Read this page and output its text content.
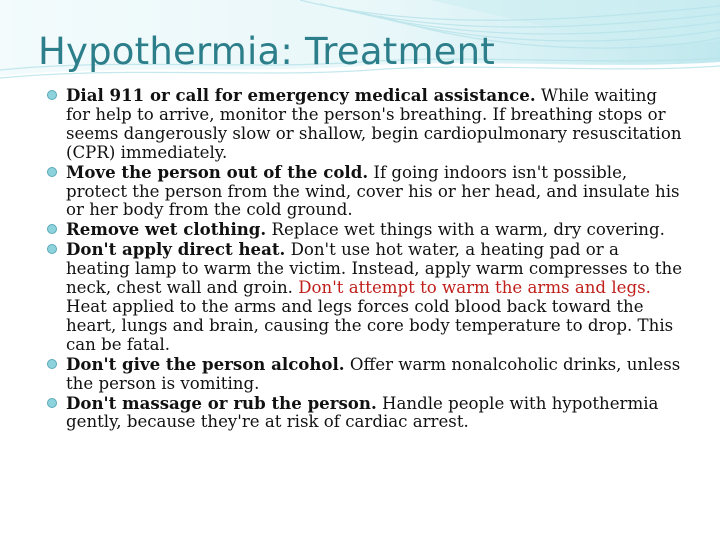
Hypothermia: Treatment
Dial 911 or call for emergency medical assistance. While waiting for help to arrive, monitor the person's breathing. If breathing stops or seems dangerously slow or shallow, begin cardiopulmonary resuscitation (CPR) immediately.
Move the person out of the cold. If going indoors isn't possible, protect the person from the wind, cover his or her head, and insulate his or her body from the cold ground.
Remove wet clothing. Replace wet things with a warm, dry covering.
Don't apply direct heat. Don't use hot water, a heating pad or a heating lamp to warm the victim. Instead, apply warm compresses to the neck, chest wall and groin. Don't attempt to warm the arms and legs. Heat applied to the arms and legs forces cold blood back toward the heart, lungs and brain, causing the core body temperature to drop. This can be fatal.
Don't give the person alcohol. Offer warm nonalcoholic drinks, unless the person is vomiting.
Don't massage or rub the person. Handle people with hypothermia gently, because they're at risk of cardiac arrest.
